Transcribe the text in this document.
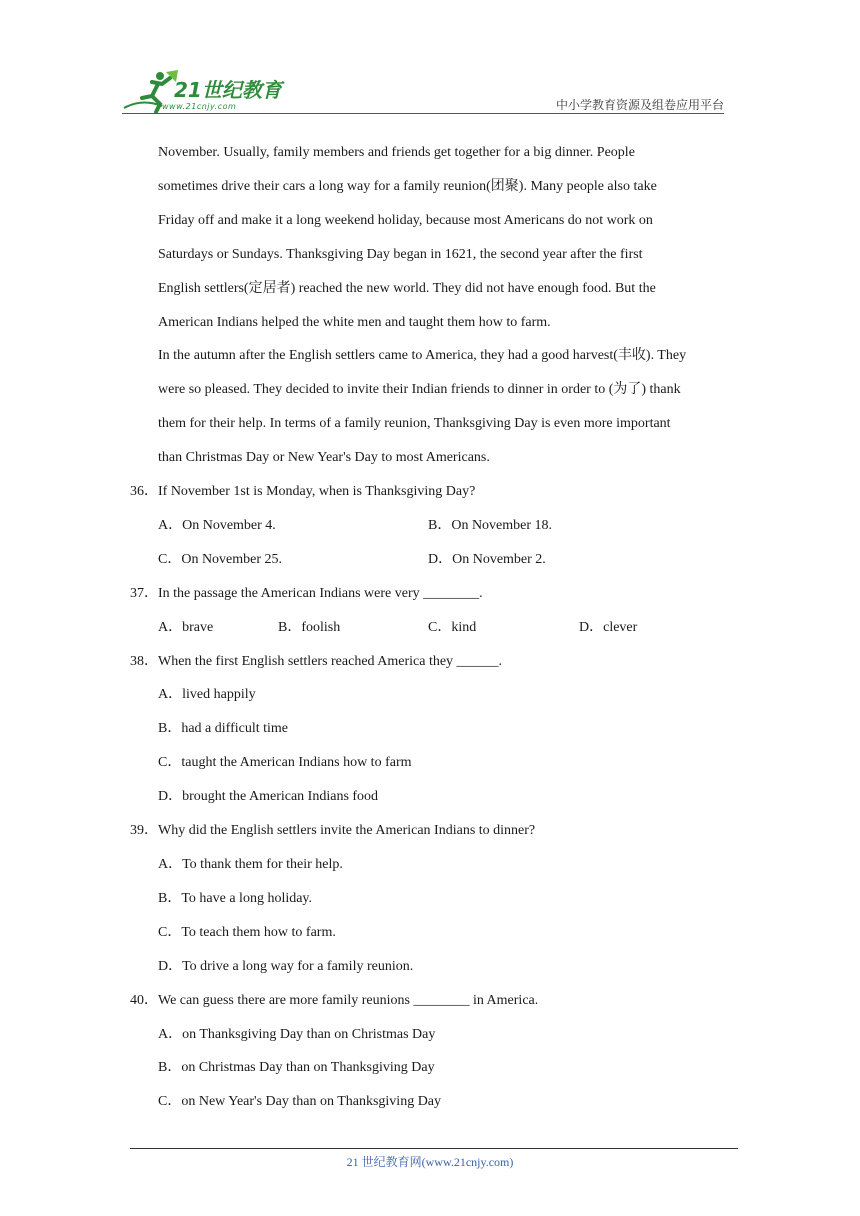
21世纪教育
www.21cnjy.com	中小学教育资源及组卷应用平台
November. Usually, family members and friends get together for a big dinner. People
sometimes drive their cars a long way for a family reunion(团聚). Many people also take
Friday off and make it a long weekend holiday, because most Americans do not work on
Saturdays or Sundays. Thanksgiving Day began in 1621, the second year after the first
English settlers(定居者) reached the new world. They did not have enough food. But the
American Indians helped the white men and taught them how to farm.
In the autumn after the English settlers came to America, they had a good harvest(丰收). They
were so pleased. They decided to invite their Indian friends to dinner in order to (为了) thank
them for their help. In terms of a family reunion, Thanksgiving Day is even more important
than Christmas Day or New Year's Day to most Americans.

36．If November 1st is Monday, when is Thanksgiving Day?

A．On November 4.	B．On November 18.
C．On November 25.	D．On November 2.

37．In the passage the American Indians were very ________.

A．brave	B．foolish	C．kind	D．clever

38．When the first English settlers reached America they ______.

A．lived happily

B．had a difficult time

C．taught the American Indians how to farm

D．brought the American Indians food

39．Why did the English settlers invite the American Indians to dinner?

A．To thank them for their help.

B．To have a long holiday.

C．To teach them how to farm.

D．To drive a long way for a family reunion.

40．We can guess there are more family reunions ________ in America.

A．on Thanksgiving Day than on Christmas Day

B．on Christmas Day than on Thanksgiving Day

C．on New Year's Day than on Thanksgiving Day

21 世纪教育网(www.21cnjy.com)
